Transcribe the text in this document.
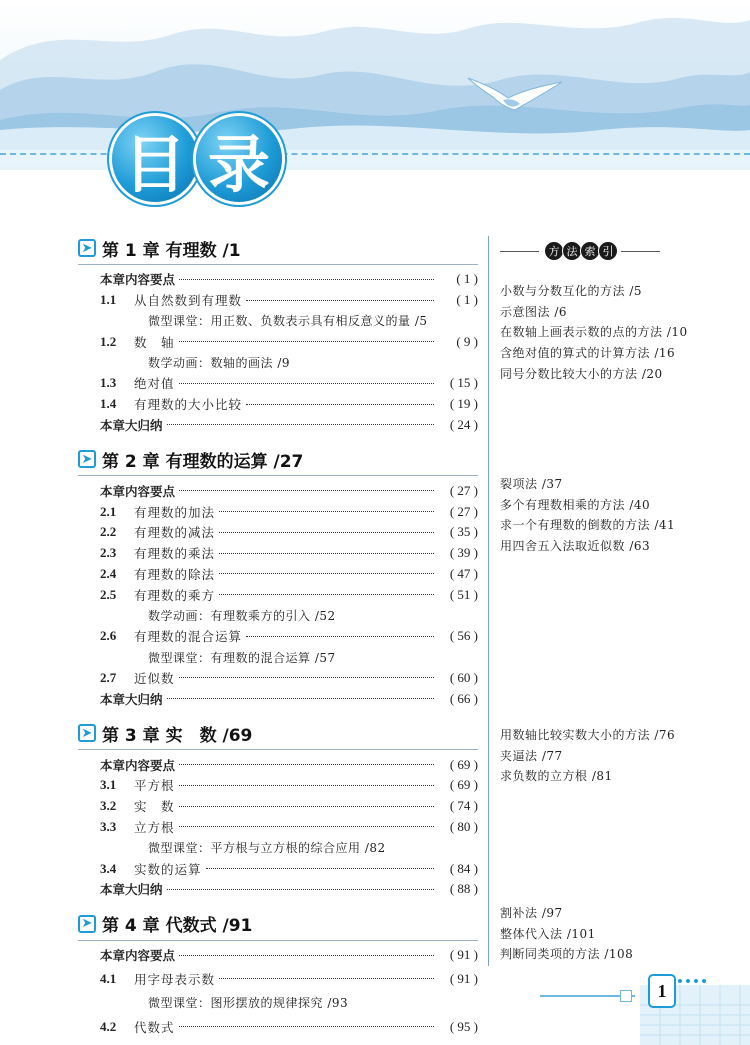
目 录
➤ 第 1 章 有理数 /1
本章内容要点	( 1 )
1.1	从自然数到有理数	( 1 )
微型课堂：用正数、负数表示具有相反意义的量 /5
1.2	数　轴	( 9 )
数学动画：数轴的画法 /9
1.3	绝对值	( 15 )
1.4	有理数的大小比较	( 19 )
本章大归纳	( 24 )
➤ 第 2 章 有理数的运算 /27
本章内容要点	( 27 )
2.1	有理数的加法	( 27 )
2.2	有理数的减法	( 35 )
2.3	有理数的乘法	( 39 )
2.4	有理数的除法	( 47 )
2.5	有理数的乘方	( 51 )
数学动画：有理数乘方的引入 /52
2.6	有理数的混合运算	( 56 )
微型课堂：有理数的混合运算 /57
2.7	近似数	( 60 )
本章大归纳	( 66 )
➤ 第 3 章 实　数 /69
本章内容要点	( 69 )
3.1	平方根	( 69 )
3.2	实　数	( 74 )
3.3	立方根	( 80 )
微型课堂：平方根与立方根的综合应用 /82
3.4	实数的运算	( 84 )
本章大归纳	( 88 )
➤ 第 4 章 代数式 /91
本章内容要点	( 91 )
4.1	用字母表示数	( 91 )
微型课堂：图形摆放的规律探究 /93
4.2	代数式	( 95 )
方 法 索 引
小数与分数互化的方法 /5
示意图法 /6
在数轴上画表示数的点的方法 /10
含绝对值的算式的计算方法 /16
同号分数比较大小的方法 /20
裂项法 /37
多个有理数相乘的方法 /40
求一个有理数的倒数的方法 /41
用四舍五入法取近似数 /63
用数轴比较实数大小的方法 /76
夹逼法 /77
求负数的立方根 /81
割补法 /97
整体代入法 /101
判断同类项的方法 /108
1
